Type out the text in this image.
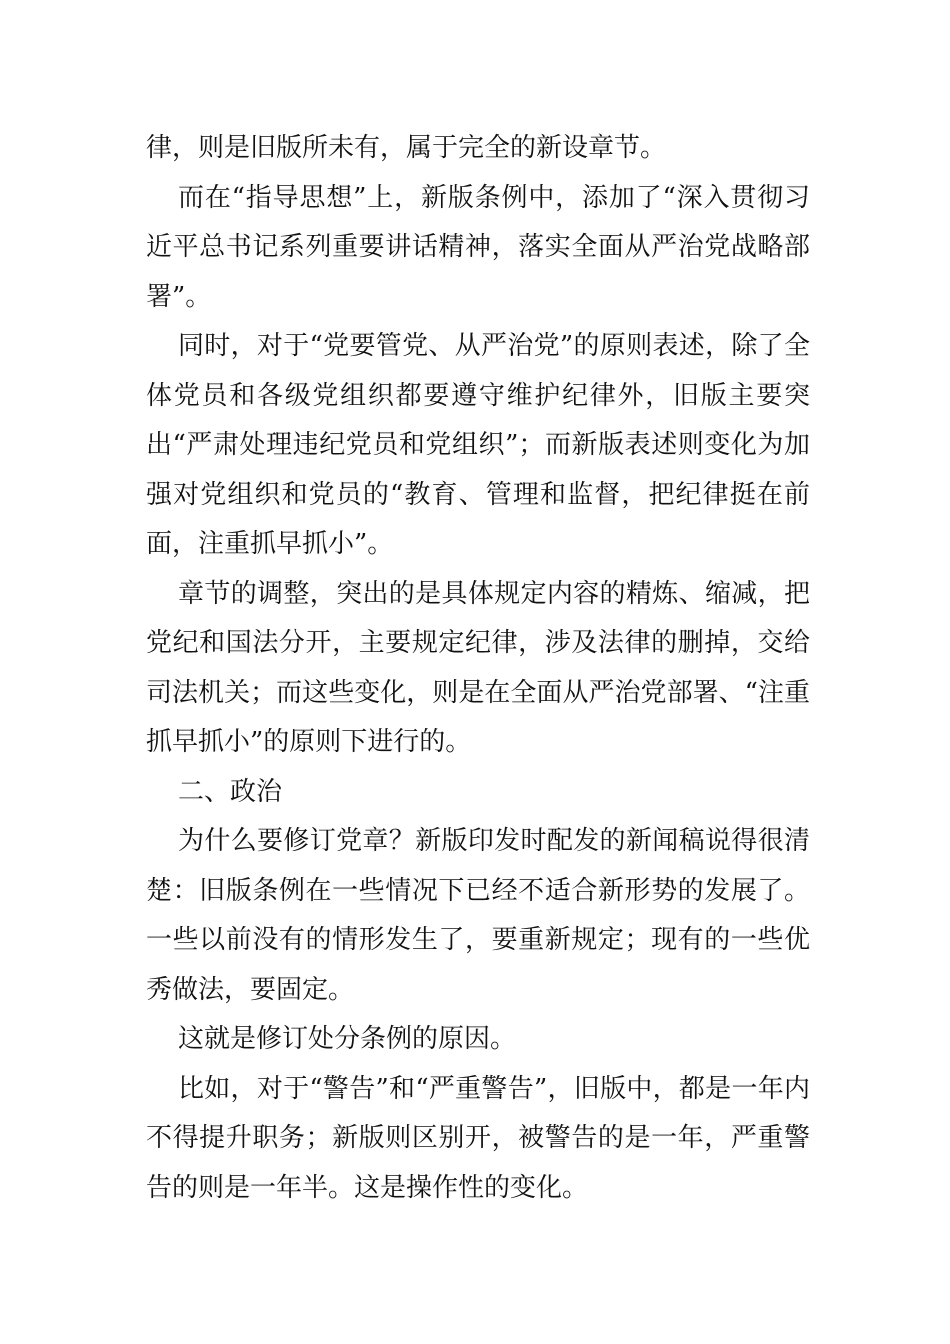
律，则是旧版所未有，属于完全的新设章节。

而在“指导思想”上，新版条例中，添加了“深入贯彻习近平总书记系列重要讲话精神，落实全面从严治党战略部署”。

同时，对于“党要管党、从严治党”的原则表述，除了全体党员和各级党组织都要遵守维护纪律外，旧版主要突出“严肃处理违纪党员和党组织”；而新版表述则变化为加强对党组织和党员的“教育、管理和监督，把纪律挺在前面，注重抓早抓小”。

章节的调整，突出的是具体规定内容的精炼、缩减，把党纪和国法分开，主要规定纪律，涉及法律的删掉，交给司法机关；而这些变化，则是在全面从严治党部署、“注重抓早抓小”的原则下进行的。

二、政治

为什么要修订党章？新版印发时配发的新闻稿说得很清楚：旧版条例在一些情况下已经不适合新形势的发展了。一些以前没有的情形发生了，要重新规定；现有的一些优秀做法，要固定。

这就是修订处分条例的原因。

比如，对于“警告”和“严重警告”，旧版中，都是一年内不得提升职务；新版则区别开，被警告的是一年，严重警告的则是一年半。这是操作性的变化。
